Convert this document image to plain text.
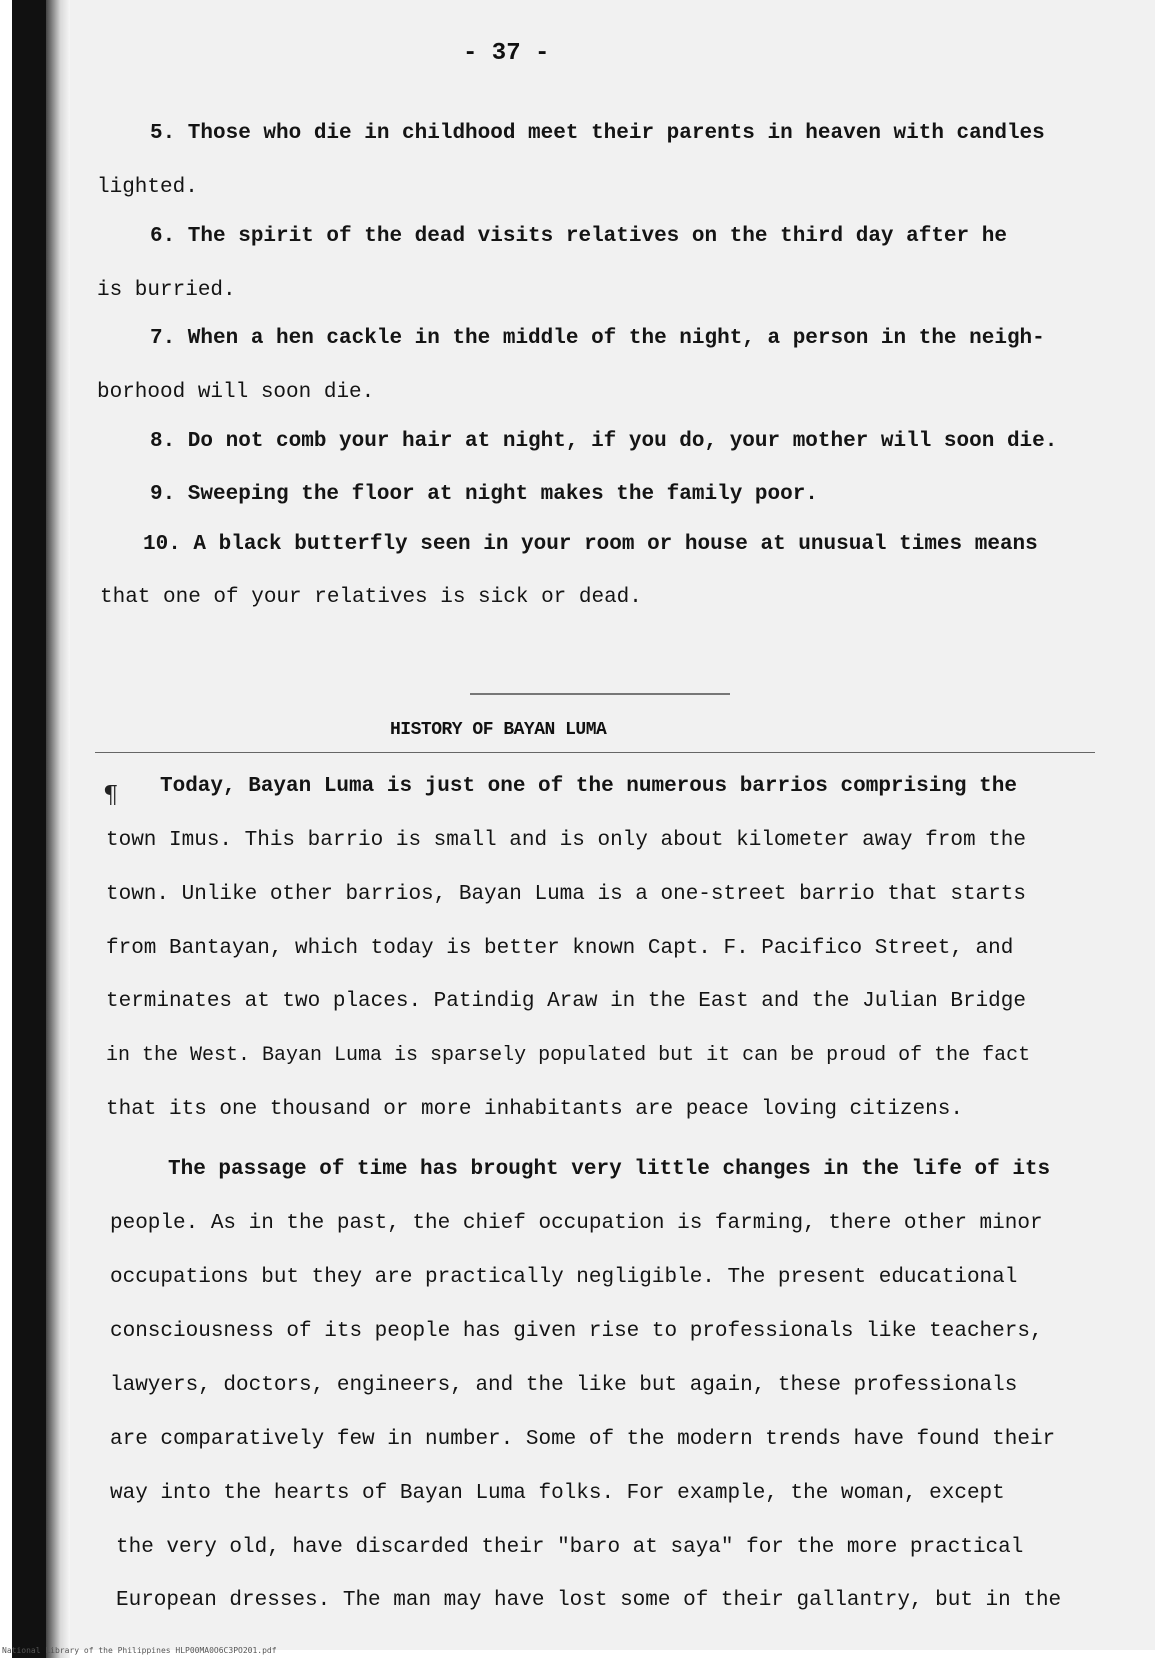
- 37 -
5. Those who die in childhood meet their parents in heaven with candles
lighted.
6. The spirit of the dead visits relatives on the third day after he
is burried.
7. When a hen cackle in the middle of the night, a person in the neigh-
borhood will soon die.
8. Do not comb your hair at night, if you do, your mother will soon die.
9. Sweeping the floor at night makes the family poor.
10. A black butterfly seen in your room or house at unusual times means
that one of your relatives is sick or dead.
HISTORY OF BAYAN LUMA
¶ Today, Bayan Luma is just one of the numerous barrios comprising the
town Imus. This barrio is small and is only about kilometer away from the
town. Unlike other barrios, Bayan Luma is a one-street barrio that starts
from Bantayan, which today is better known Capt. F. Pacifico Street, and
terminates at two places. Patindig Araw in the East and the Julian Bridge
in the West. Bayan Luma is sparsely populated but it can be proud of the fact
that its one thousand or more inhabitants are peace loving citizens.
The passage of time has brought very little changes in the life of its
people. As in the past, the chief occupation is farming, there other minor
occupations but they are practically negligible. The present educational
consciousness of its people has given rise to professionals like teachers,
lawyers, doctors, engineers, and the like but again, these professionals
are comparatively few in number. Some of the modern trends have found their
way into the hearts of Bayan Luma folks. For example, the woman, except
the very old, have discarded their "baro at saya" for the more practical
European dresses. The man may have lost some of their gallantry, but in the
National Library of the Philippines HLP00MA0O6C3PO201.pdf
